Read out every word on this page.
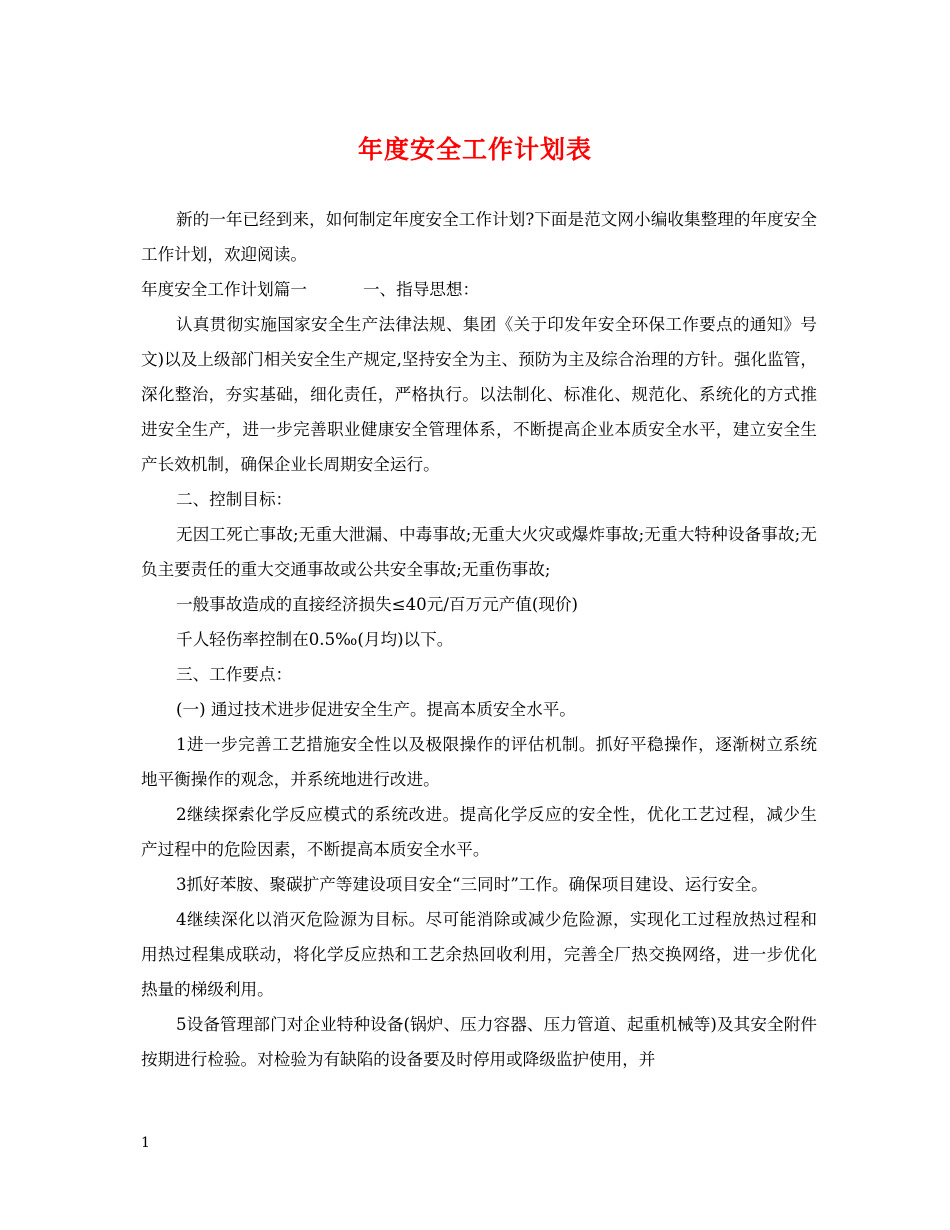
年度安全工作计划表

新的一年已经到来，如何制定年度安全工作计划?下面是范文网小编收集整理的年度安全工作计划，欢迎阅读。

年度安全工作计划篇一	一、指导思想：

认真贯彻实施国家安全生产法律法规、集团《关于印发年安全环保工作要点的通知》号文)以及上级部门相关安全生产规定,坚持安全为主、预防为主及综合治理的方针。强化监管，深化整治，夯实基础，细化责任，严格执行。以法制化、标准化、规范化、系统化的方式推进安全生产，进一步完善职业健康安全管理体系，不断提高企业本质安全水平，建立安全生产长效机制，确保企业长周期安全运行。

二、控制目标：

无因工死亡事故;无重大泄漏、中毒事故;无重大火灾或爆炸事故;无重大特种设备事故;无负主要责任的重大交通事故或公共安全事故;无重伤事故;

一般事故造成的直接经济损失≤40元/百万元产值(现价)

千人轻伤率控制在0.5‰(月均)以下。

三、工作要点：

(一) 通过技术进步促进安全生产。提高本质安全水平。

1进一步完善工艺措施安全性以及极限操作的评估机制。抓好平稳操作，逐渐树立系统地平衡操作的观念，并系统地进行改进。

2继续探索化学反应模式的系统改进。提高化学反应的安全性，优化工艺过程，减少生产过程中的危险因素，不断提高本质安全水平。

3抓好苯胺、聚碳扩产等建设项目安全“三同时”工作。确保项目建设、运行安全。

4继续深化以消灭危险源为目标。尽可能消除或减少危险源，实现化工过程放热过程和用热过程集成联动，将化学反应热和工艺余热回收利用，完善全厂热交换网络，进一步优化热量的梯级利用。

5设备管理部门对企业特种设备(锅炉、压力容器、压力管道、起重机械等)及其安全附件按期进行检验。对检验为有缺陷的设备要及时停用或降级监护使用，并

1
